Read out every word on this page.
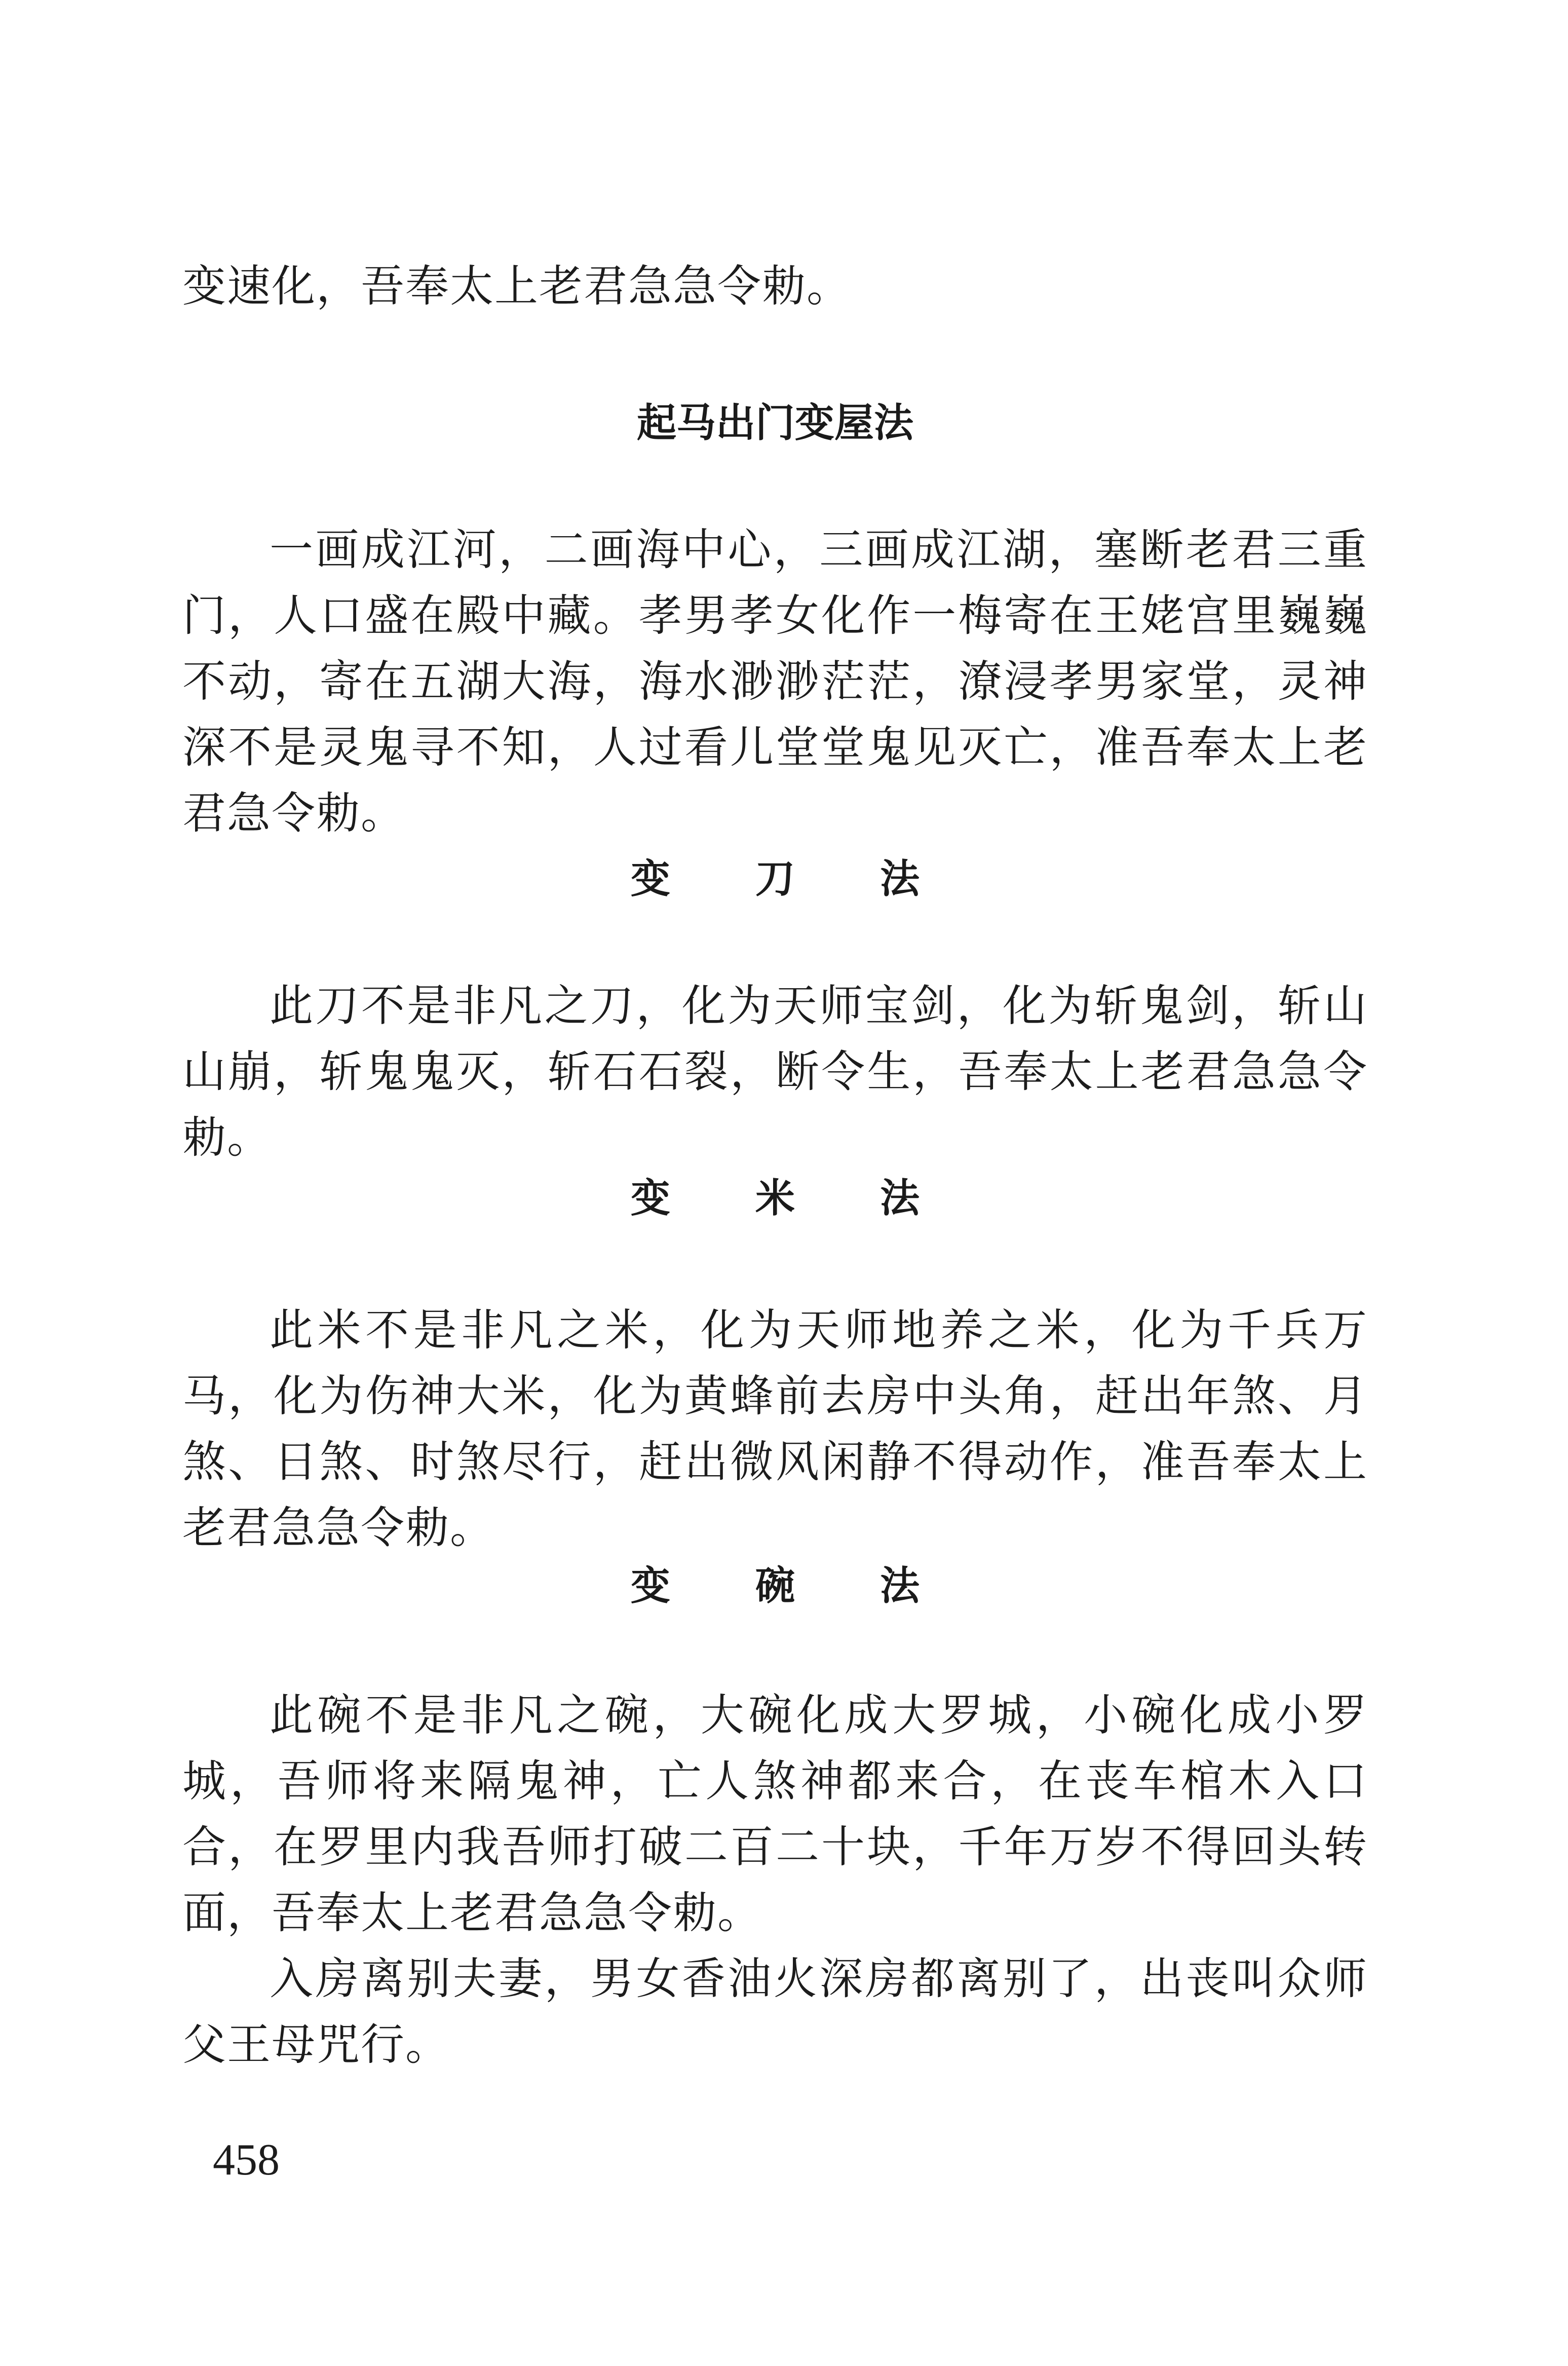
变速化，吾奉太上老君急急令勅。

起马出门变屋法

一画成江河，二画海中心，三画成江湖，塞断老君三重门，人口盛在殿中藏。孝男孝女化作一梅寄在王姥宫里巍巍不动，寄在五湖大海，海水渺渺茫茫，潦浸孝男家堂，灵神深不是灵鬼寻不知，人过看儿堂堂鬼见灭亡，准吾奉太上老君急令勅。

变刀法

此刀不是非凡之刀，化为天师宝剑，化为斩鬼剑，斩山山崩，斩鬼鬼灭，斩石石裂，断令生，吾奉太上老君急急令勅。

变米法

此米不是非凡之米，化为天师地养之米，化为千兵万马，化为伤神大米，化为黄蜂前去房中头角，赶出年煞、月煞、日煞、时煞尽行，赶出微风闲静不得动作，准吾奉太上老君急急令勅。

变碗法

此碗不是非凡之碗，大碗化成大罗城，小碗化成小罗城，吾师将来隔鬼神，亡人煞神都来合，在丧车棺木入口合，在罗里内我吾师打破二百二十块，千年万岁不得回头转面，吾奉太上老君急急令勅。

入房离别夫妻，男女香油火深房都离别了，出丧叫众师父王母咒行。

458
